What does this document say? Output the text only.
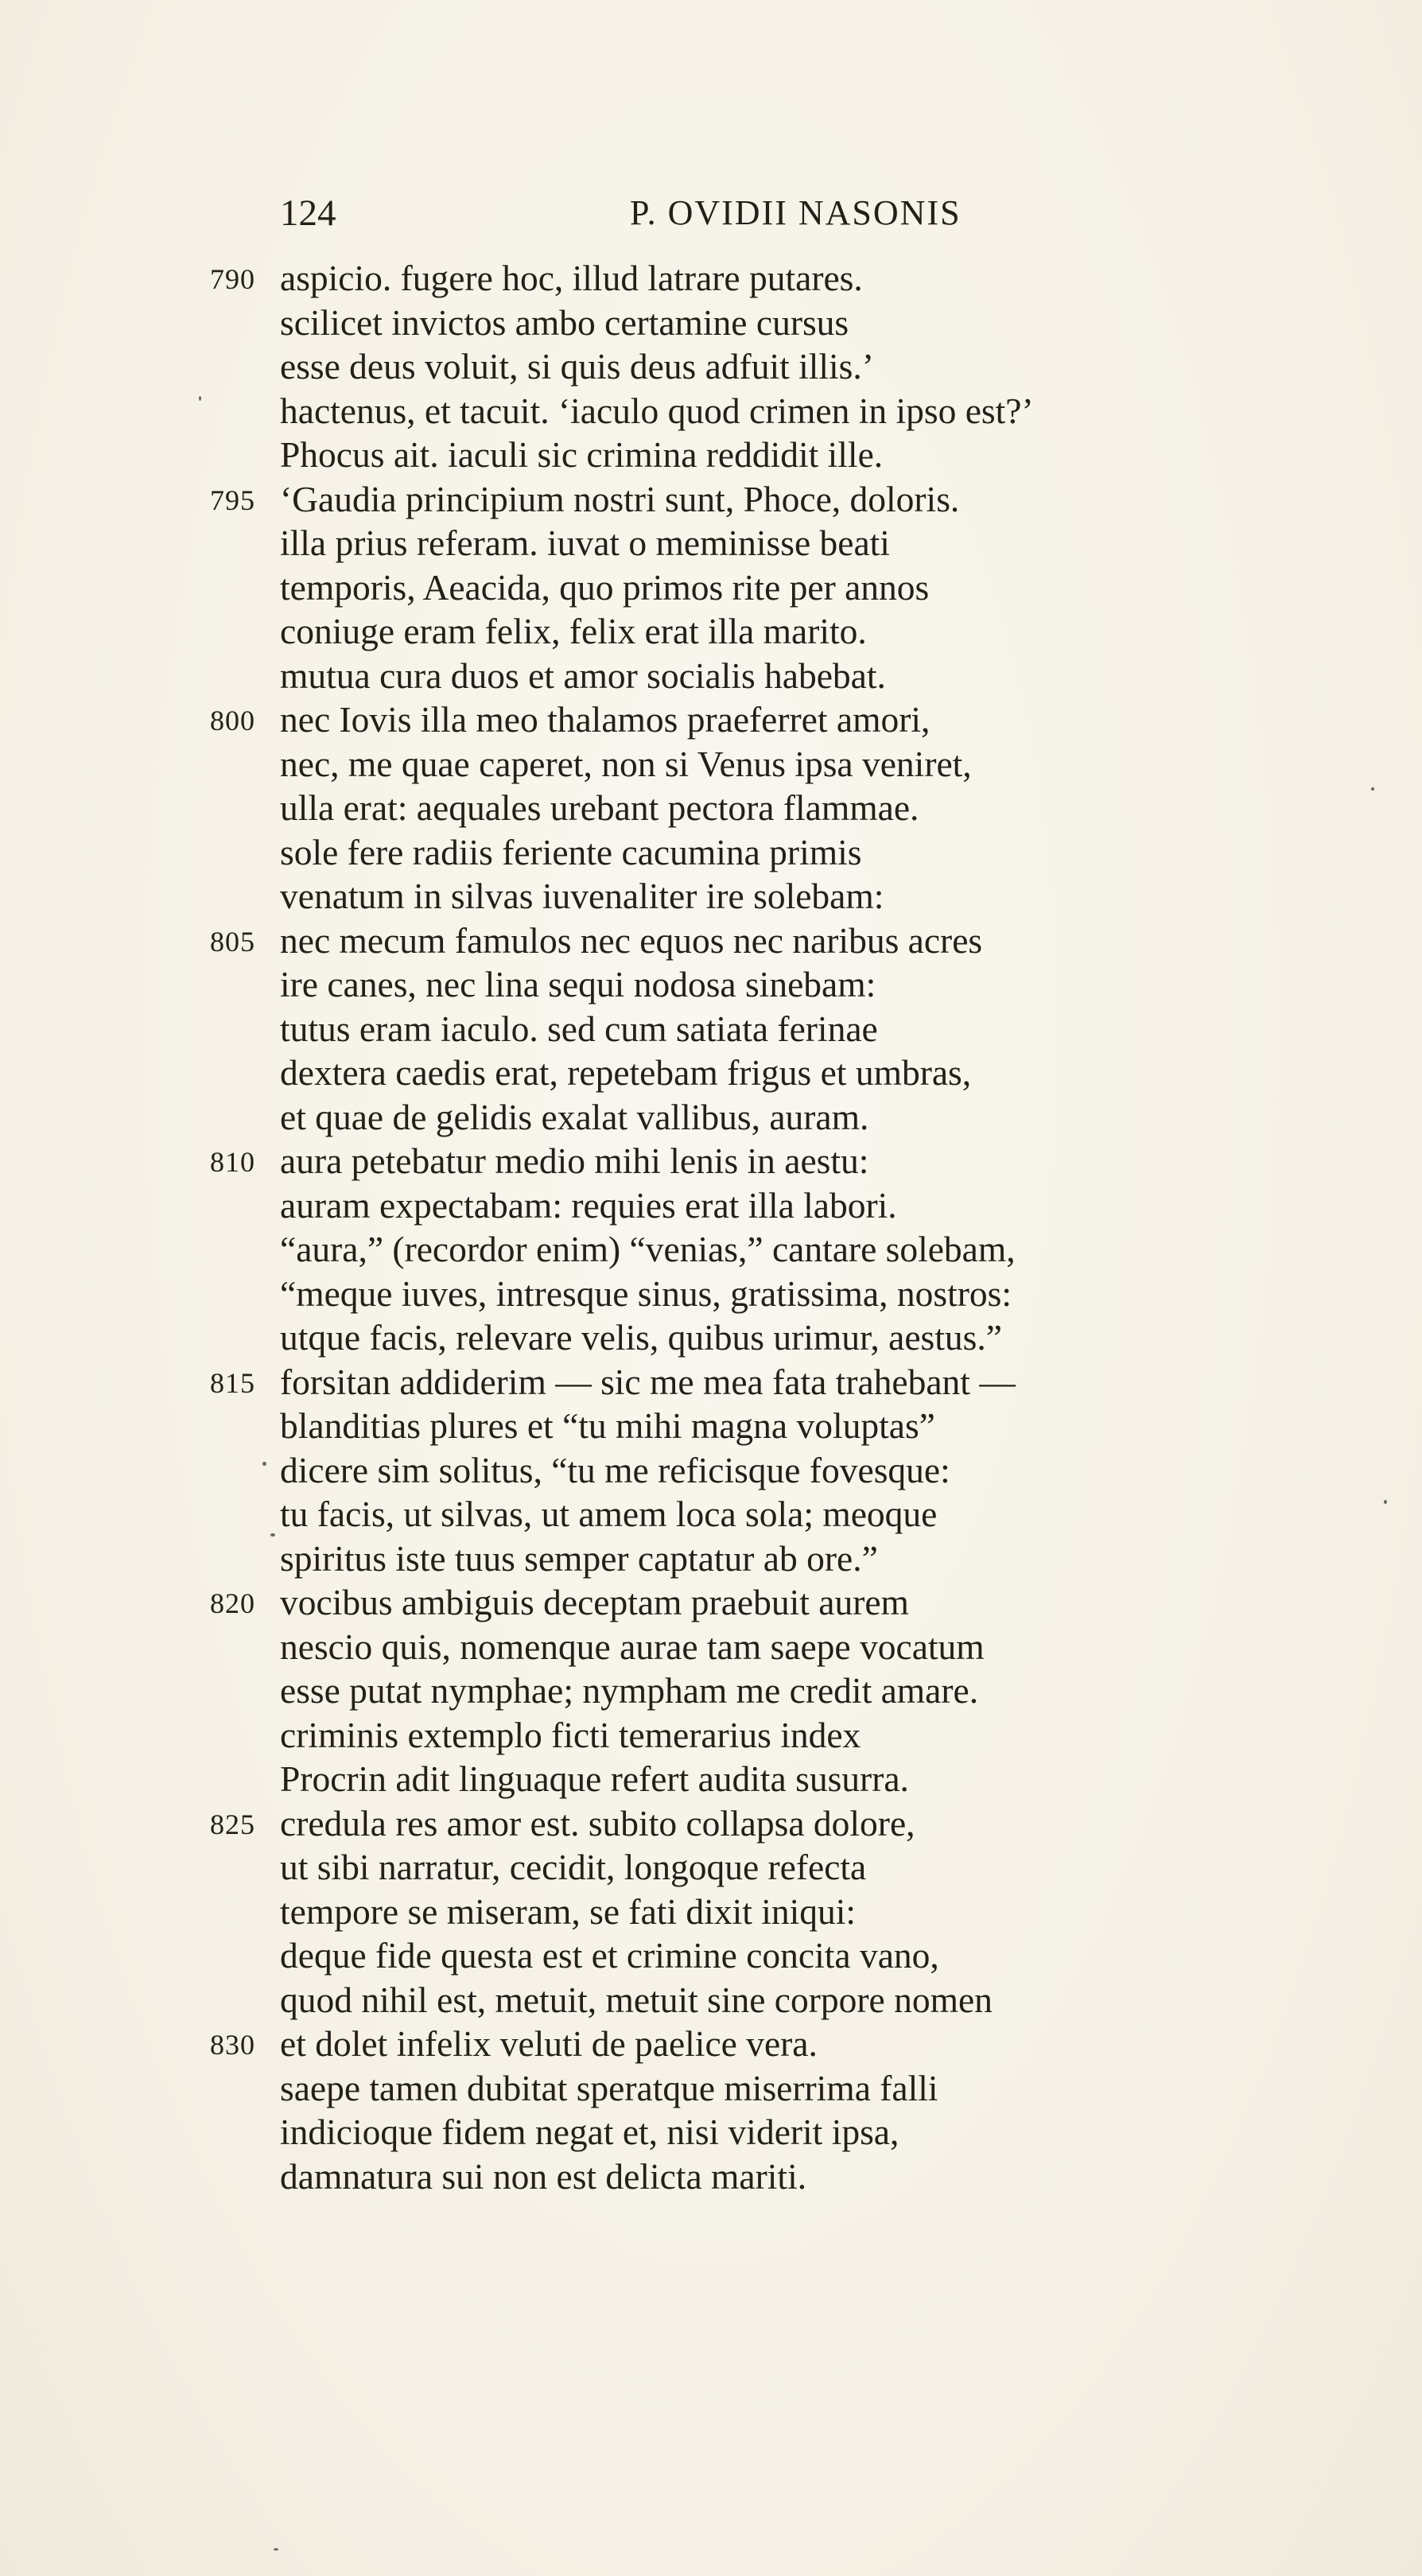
124	P. OVIDII NASONIS
790 aspicio. fugere hoc, illud latrare putares.
scilicet invictos ambo certamine cursus
esse deus voluit, si quis deus adfuit illis.’
hactenus, et tacuit. ‘iaculo quod crimen in ipso est?’
Phocus ait. iaculi sic crimina reddidit ille.
795 ‘Gaudia principium nostri sunt, Phoce, doloris.
illa prius referam. iuvat o meminisse beati
temporis, Aeacida, quo primos rite per annos
coniuge eram felix, felix erat illa marito.
mutua cura duos et amor socialis habebat.
800 nec Iovis illa meo thalamos praeferret amori,
nec, me quae caperet, non si Venus ipsa veniret,
ulla erat: aequales urebant pectora flammae.
sole fere radiis feriente cacumina primis
venatum in silvas iuvenaliter ire solebam:
805 nec mecum famulos nec equos nec naribus acres
ire canes, nec lina sequi nodosa sinebam:
tutus eram iaculo. sed cum satiata ferinae
dextera caedis erat, repetebam frigus et umbras,
et quae de gelidis exalat vallibus, auram.
810 aura petebatur medio mihi lenis in aestu:
auram expectabam: requies erat illa labori.
“aura,” (recordor enim) “venias,” cantare solebam,
“meque iuves, intresque sinus, gratissima, nostros:
utque facis, relevare velis, quibus urimur, aestus.”
815 forsitan addiderim — sic me mea fata trahebant —
blanditias plures et “tu mihi magna voluptas”
dicere sim solitus, “tu me reficisque fovesque:
tu facis, ut silvas, ut amem loca sola; meoque
spiritus iste tuus semper captatur ab ore.”
820 vocibus ambiguis deceptam praebuit aurem
nescio quis, nomenque aurae tam saepe vocatum
esse putat nymphae; nympham me credit amare.
criminis extemplo ficti temerarius index
Procrin adit linguaque refert audita susurra.
825 credula res amor est. subito collapsa dolore,
ut sibi narratur, cecidit, longoque refecta
tempore se miseram, se fati dixit iniqui:
deque fide questa est et crimine concita vano,
quod nihil est, metuit, metuit sine corpore nomen
830 et dolet infelix veluti de paelice vera.
saepe tamen dubitat speratque miserrima falli
indicioque fidem negat et, nisi viderit ipsa,
damnatura sui non est delicta mariti.
